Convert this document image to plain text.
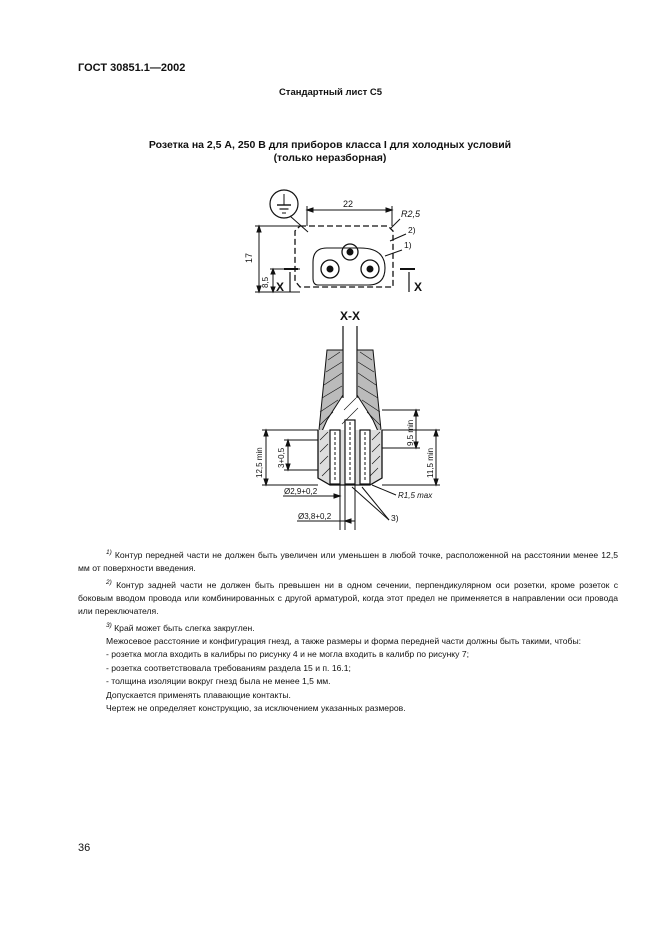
ГОСТ 30851.1—2002
Стандартный лист С5
Розетка на 2,5 А, 250 В для приборов класса I для холодных условий
(только неразборная)
22
17
8,5 X	X
R2,5
2)
1)
X-X
12,5 min 3+0,5
9,5 min
11,5 min
Ø2,9+0,2
Ø3,8+0,2
R1,5 max
3)

$^{1)}$ Контур передней части не должен быть увеличен или уменьшен в любой точке, расположенной на расстоянии менее 12,5 мм от поверхности введения.

$^{2)}$ Контур задней части не должен быть превышен ни в одном сечении, перпендикулярном оси розетки, кроме розеток с боковым вводом провода или комбинированных с другой арматурой, когда этот предел не применяется в направлении оси провода или переключателя.

$^{3)}$ Край может быть слегка закруглен.

Межосевое расстояние и конфигурация гнезд, а также размеры и форма передней части должны быть такими, чтобы:

- розетка могла входить в калибры по рисунку 4 и не могла входить в калибр по рисунку 7;

- розетка соответствовала требованиям раздела 15 и п. 16.1;

- толщина изоляции вокруг гнезд была не менее 1,5 мм.

Допускается применять плавающие контакты.

Чертеж не определяет конструкцию, за исключением указанных размеров.

36
